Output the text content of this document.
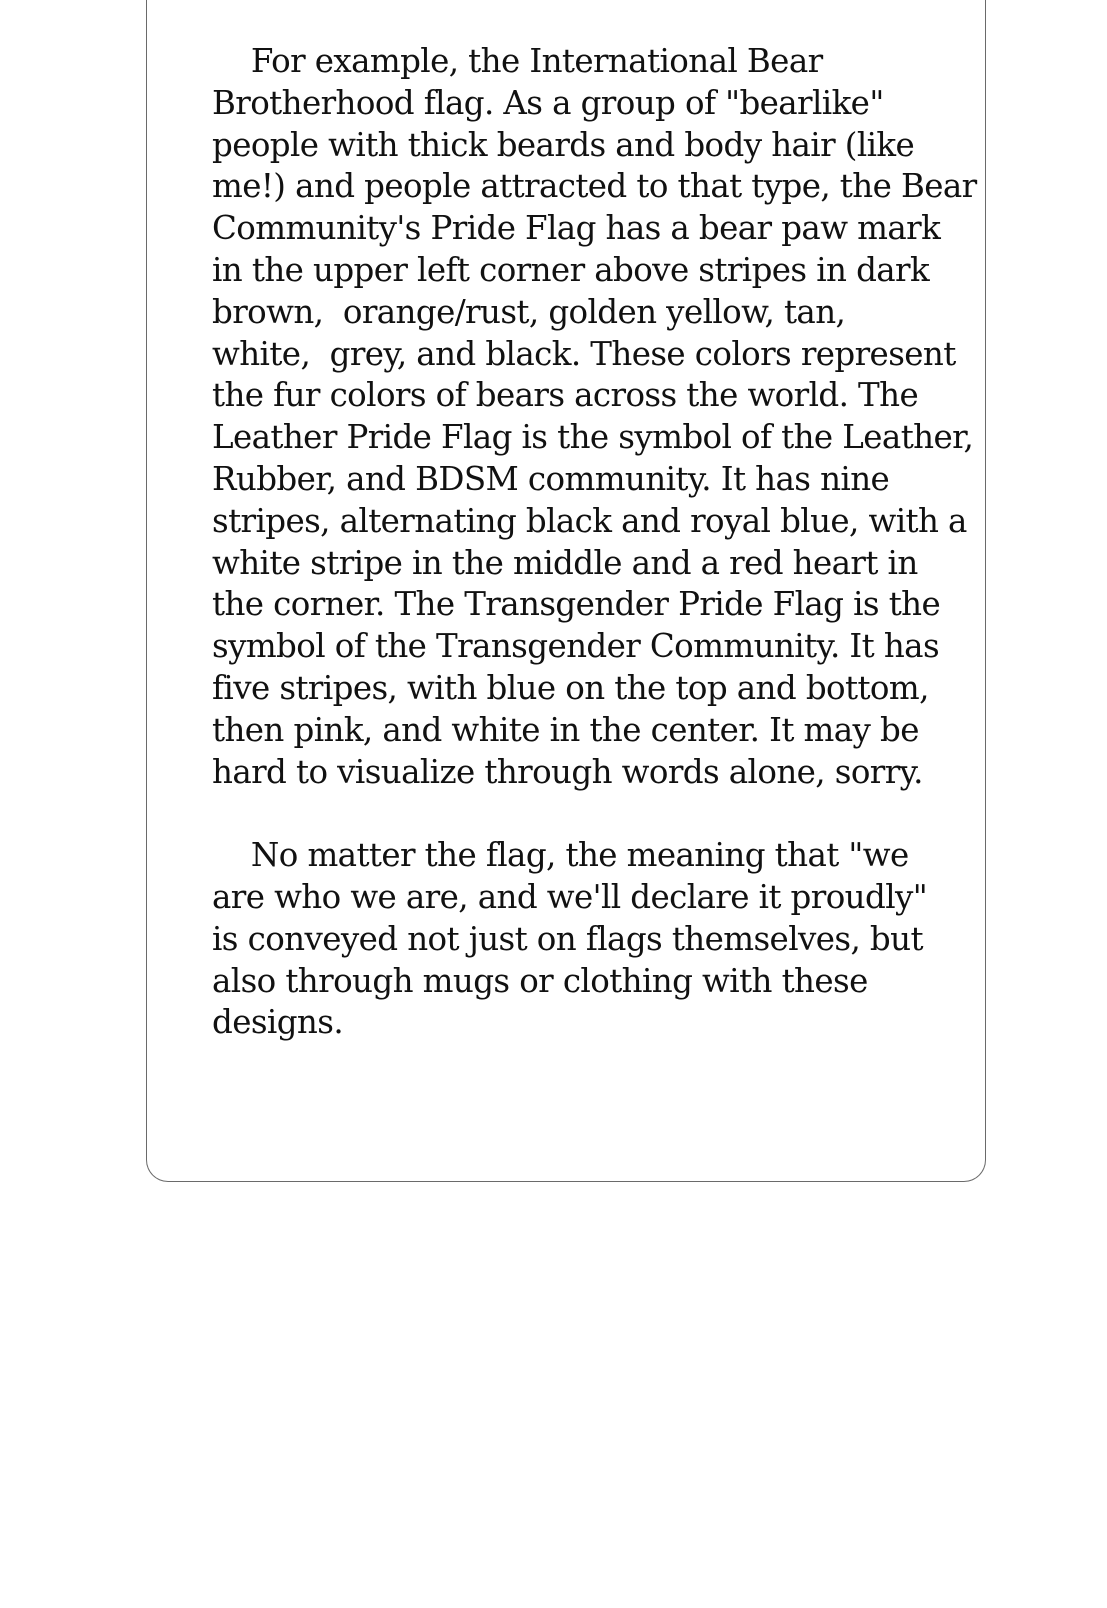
For example, the International Bear
Brotherhood flag. As a group of "bearlike"
people with thick beards and body hair (like
me!) and people attracted to that type, the Bear
Community's Pride Flag has a bear paw mark
in the upper left corner above stripes in dark
brown,  orange/rust, golden yellow, tan,
white,  grey, and black. These colors represent
the fur colors of bears across the world. The
Leather Pride Flag is the symbol of the Leather,
Rubber, and BDSM community. It has nine
stripes, alternating black and royal blue, with a
white stripe in the middle and a red heart in
the corner. The Transgender Pride Flag is the
symbol of the Transgender Community. It has
five stripes, with blue on the top and bottom,
then pink, and white in the center. It may be
hard to visualize through words alone, sorry.
No matter the flag, the meaning that "we
are who we are, and we'll declare it proudly"
is conveyed not just on flags themselves, but
also through mugs or clothing with these
designs.
